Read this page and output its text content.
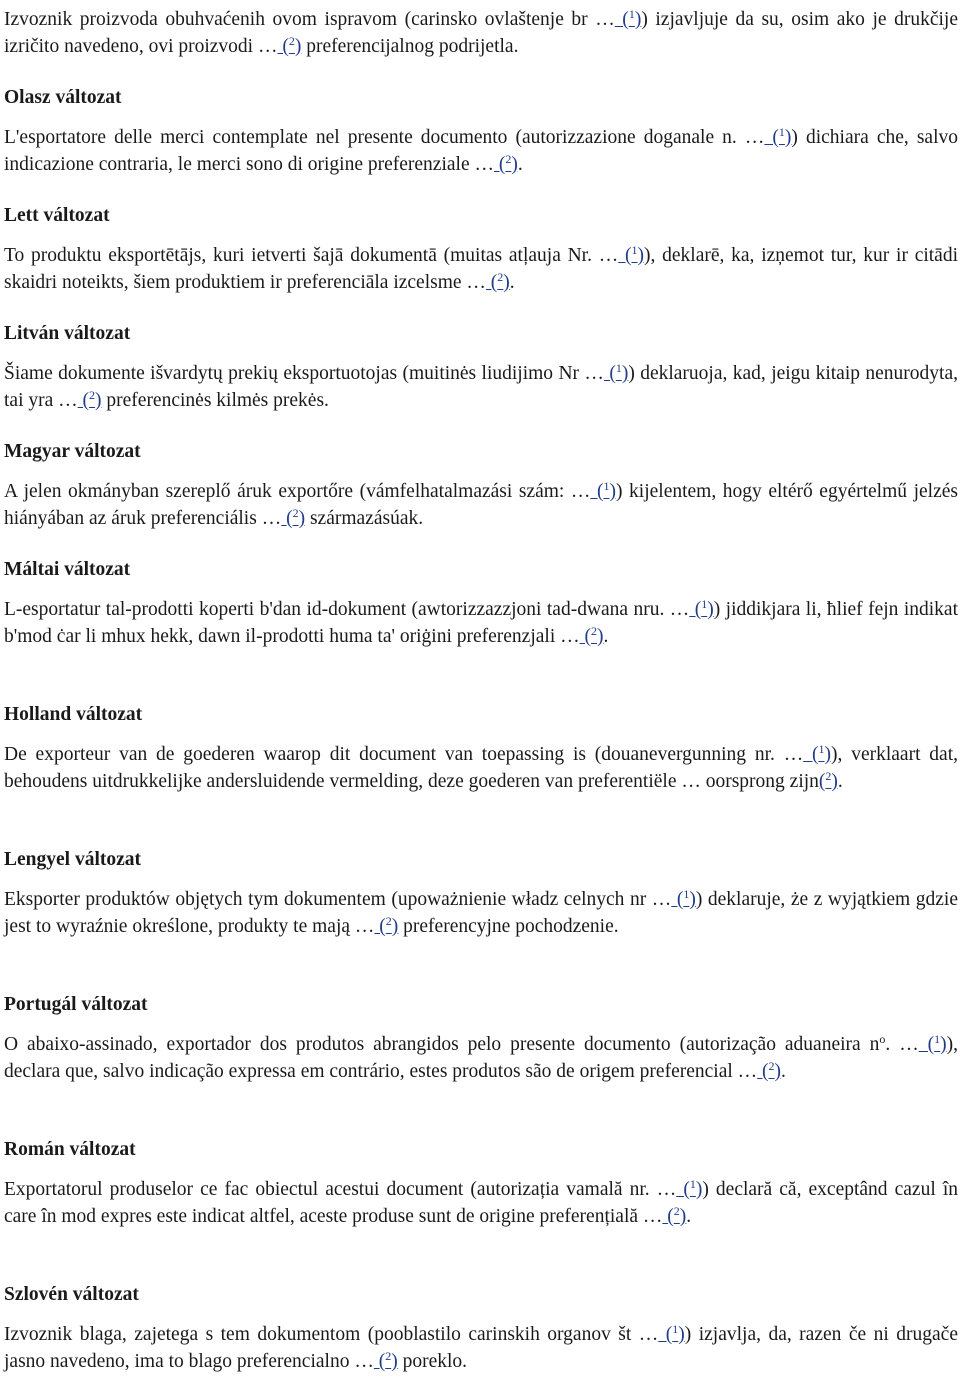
Izvoznik proizvoda obuhvaćenih ovom ispravom (carinsko ovlaštenje br … ($^1$)) izjavljuje da su, osim ako je drukčije izričito navedeno, ovi proizvodi … ($^2$) preferencijalnog podrijetla.

Olasz változat

L'esportatore delle merci contemplate nel presente documento (autorizzazione doganale n. … ($^1$)) dichiara che, salvo indicazione contraria, le merci sono di origine preferenziale … ($^2$).

Lett változat

To produktu eksportētājs, kuri ietverti šajā dokumentā (muitas atļauja Nr. … ($^1$)), deklarē, ka, izņemot tur, kur ir citādi skaidri noteikts, šiem produktiem ir preferenciāla izcelsme … ($^2$).

Litván változat

Šiame dokumente išvardytų prekių eksportuotojas (muitinės liudijimo Nr … ($^1$)) deklaruoja, kad, jeigu kitaip nenurodyta, tai yra … ($^2$) preferencinės kilmės prekės.

Magyar változat

A jelen okmányban szereplő áruk exportőre (vámfelhatalmazási szám: … ($^1$)) kijelentem, hogy eltérő egyértelmű jelzés hiányában az áruk preferenciális … ($^2$) származásúak.

Máltai változat

L-esportatur tal-prodotti koperti b'dan id-dokument (awtorizzazzjoni tad-dwana nru. … ($^1$)) jiddikjara li, ħlief fejn indikat b'mod ċar li mhux hekk, dawn il-prodotti huma ta' oriġini preferenzjali … ($^2$).

Holland változat

De exporteur van de goederen waarop dit document van toepassing is (douanevergunning nr. … ($^1$)), verklaart dat, behoudens uitdrukkelijke andersluidende vermelding, deze goederen van preferentiële … oorsprong zijn($^2$).

Lengyel változat

Eksporter produktów objętych tym dokumentem (upoważnienie władz celnych nr … ($^1$)) deklaruje, że z wyjątkiem gdzie jest to wyraźnie określone, produkty te mają … ($^2$) preferencyjne pochodzenie.

Portugál változat

O abaixo-assinado, exportador dos produtos abrangidos pelo presente documento (autorização aduaneira $n^o$. … ($^1$)), declara que, salvo indicação expressa em contrário, estes produtos são de origem preferencial … ($^2$).

Román változat

Exportatorul produselor ce fac obiectul acestui document (autorizația vamală nr. … ($^1$)) declară că, exceptând cazul în care în mod expres este indicat altfel, aceste produse sunt de origine preferențială … ($^2$).

Szlovén változat

Izvoznik blaga, zajetega s tem dokumentom (pooblastilo carinskih organov št … ($^1$)) izjavlja, da, razen če ni drugače jasno navedeno, ima to blago preferencialno … ($^2$) poreklo.
